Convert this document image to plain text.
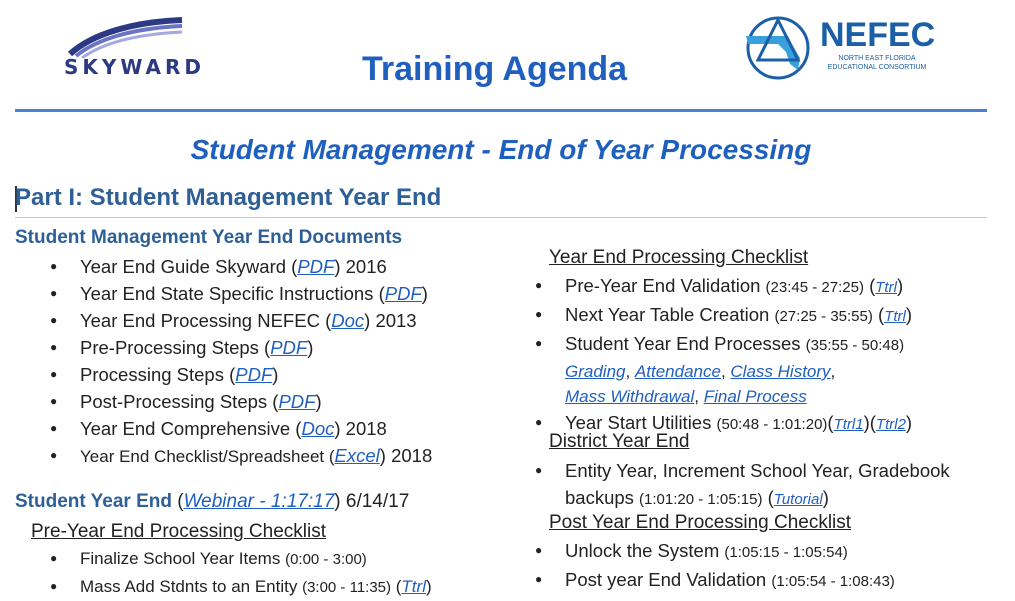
SKYWARD	Training Agenda
NEFEC
NORTH EAST FLORIDA EDUCATIONAL CONSORTIUM
Student Management - End of Year Processing
Part I: Student Management Year End
Student Management Year End Documents
● Year End Guide Skyward (PDF) 2016
● Year End State Specific Instructions (PDF)
● Year End Processing NEFEC (Doc) 2013
● Pre-Processing Steps (PDF)
● Processing Steps (PDF)
● Post-Processing Steps (PDF)
● Year End Comprehensive (Doc) 2018
● Year End Checklist/Spreadsheet (Excel) 2018
Student Year End (Webinar - 1:17:17) 6/14/17
Pre-Year End Processing Checklist
● Finalize School Year Items (0:00 - 3:00)
● Mass Add Stdnts to an Entity (3:00 - 11:35) (Ttrl)
Year End Processing Checklist
● Pre-Year End Validation (23:45 - 27:25) (Ttrl)
● Next Year Table Creation (27:25 - 35:55) (Ttrl)
● Student Year End Processes (35:55 - 50:48)
Grading, Attendance, Class History,
Mass Withdrawal, Final Process
● Year Start Utilities (50:48 - 1:01:20)(Ttrl1)(Ttrl2)
District Year End
● Entity Year, Increment School Year, Gradebook backups (1:01:20 - 1:05:15) (Tutorial)
Post Year End Processing Checklist
● Unlock the System (1:05:15 - 1:05:54)
● Post year End Validation (1:05:54 - 1:08:43)
